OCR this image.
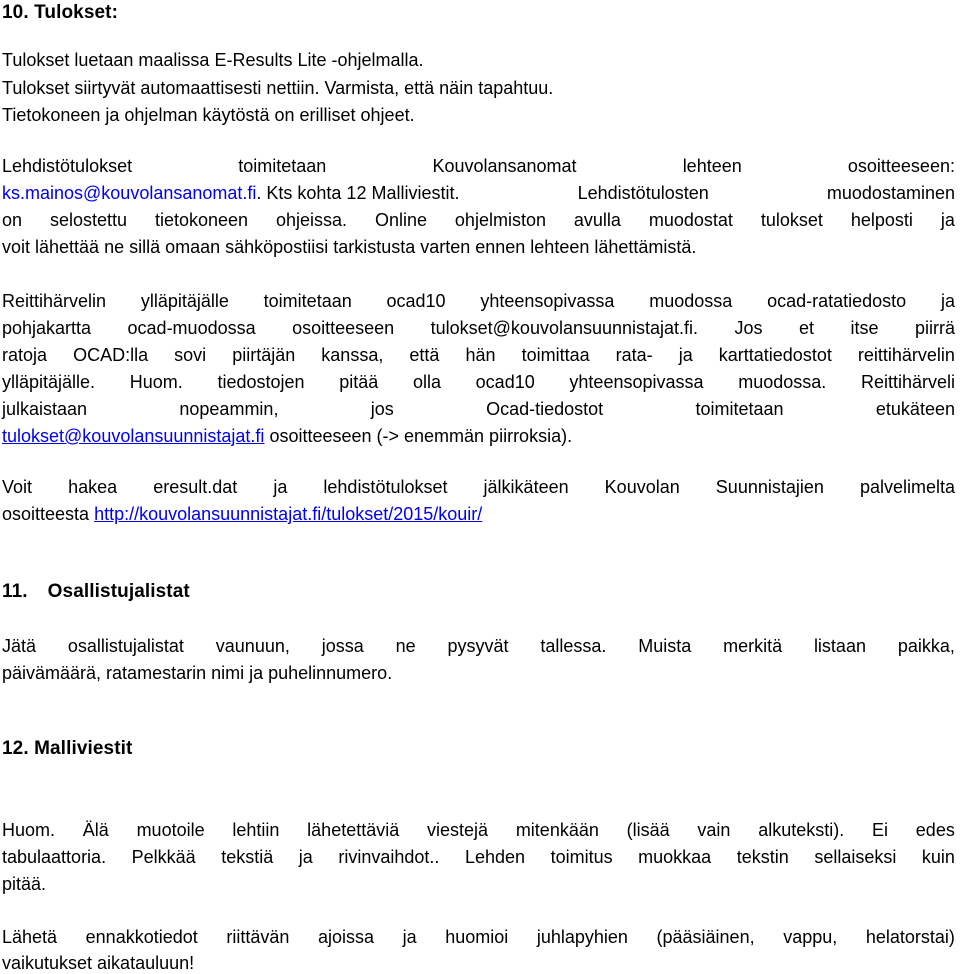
10. Tulokset:
Tulokset luetaan maalissa E-Results Lite -ohjelmalla.
Tulokset siirtyvät automaattisesti nettiin. Varmista, että näin tapahtuu.
Tietokoneen ja ohjelman käytöstä on erilliset ohjeet.
Lehdistötulokset	toimitetaan	Kouvolansanomat	lehteen	osoitteeseen:
ks.mainos@kouvolansanomat.fi. Kts kohta 12 Malliviestit.	Lehdistötulosten	muodostaminen
on selostettu tietokoneen ohjeissa. Online ohjelmiston avulla muodostat tulokset helposti ja
voit lähettää ne sillä omaan sähköpostiisi tarkistusta varten ennen lehteen lähettämistä.
Reittihärvelin ylläpitäjälle toimitetaan ocad10 yhteensopivassa muodossa ocad-ratatiedosto ja
pohjakartta ocad-muodossa osoitteeseen tulokset@kouvolansuunnistajat.fi. Jos et itse piirrä
ratoja OCAD:lla sovi piirtäjän kanssa, että hän toimittaa rata- ja karttatiedostot reittihärvelin
ylläpitäjälle. Huom. tiedostojen pitää olla ocad10 yhteensopivassa muodossa. Reittihärveli
julkaistaan	nopeammin,	jos	Ocad-tiedostot	toimitetaan	etukäteen
tulokset@kouvolansuunnistajat.fi osoitteeseen (-> enemmän piirroksia).
Voit hakea eresult.dat ja lehdistötulokset jälkikäteen Kouvolan Suunnistajien palvelimelta
osoitteesta http://kouvolansuunnistajat.fi/tulokset/2015/kouir/
11. Osallistujalistat
Jätä osallistujalistat vaunuun, jossa ne pysyvät tallessa. Muista merkitä listaan paikka,
päivämäärä, ratamestarin nimi ja puhelinnumero.
12. Malliviestit
Huom. Älä muotoile lehtiin lähetettäviä viestejä mitenkään (lisää vain alkuteksti). Ei edes
tabulaattoria. Pelkkää tekstiä ja rivinvaihdot.. Lehden toimitus muokkaa tekstin sellaiseksi kuin
pitää.
Lähetä ennakkotiedot riittävän ajoissa ja huomioi juhlapyhien (pääsiäinen, vappu, helatorstai)
vaikutukset aikatauluun!
